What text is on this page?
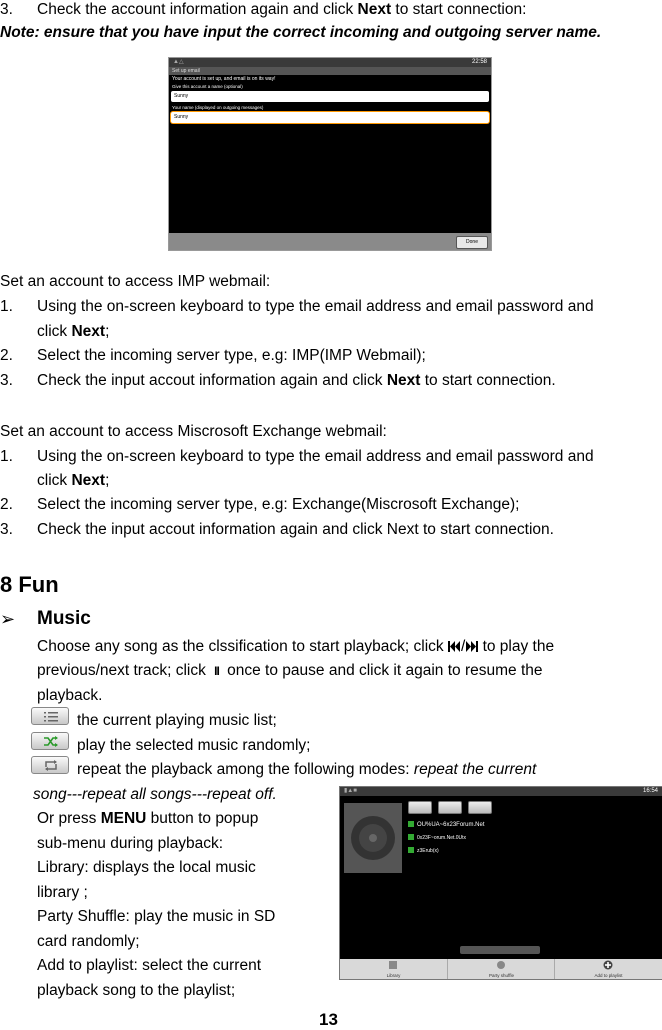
3. Check the account information again and click Next to start connection:
Note: ensure that you have input the correct incoming and outgoing server name.
▲△	22:58
Set up email
Your account is set up, and email is on its way!
Give this account a name (optional)
Sunny
Your name (displayed on outgoing messages)
Sunny
Done
Set an account to access IMP webmail:
1. Using the on-screen keyboard to type the email address and email password and
click Next;
2. Select the incoming server type, e.g: IMP(IMP Webmail);
3. Check the input accout information again and click Next to start connection.
Set an account to access Miscrosoft Exchange webmail:
1. Using the on-screen keyboard to type the email address and email password and
click Next;
2. Select the incoming server type, e.g: Exchange(Miscrosoft Exchange);
3. Check the input accout information again and click Next to start connection.
8 Fun
➢ Music
Choose any song as the clssification to start playback; click / to play the
previous/next track; click II once to pause and click it again to resume the
playback.
the current playing music list;
play the selected music randomly;
repeat the playback among the following modes: repeat the current
song---repeat all songs---repeat off.
Or press MENU button to popup
sub-menu during playback:
Library: displays the local music
library ;
Party Shuffle: play the music in SD
card randomly;
Add to playlist: select the current
playback song to the playlist;
▮▲■	16:54
OU%UA~6x23Forum.Net
0x23F~orum.Net.0Utx
z3Erub(x)
Library	Party shuffle	Add to playlist
13
